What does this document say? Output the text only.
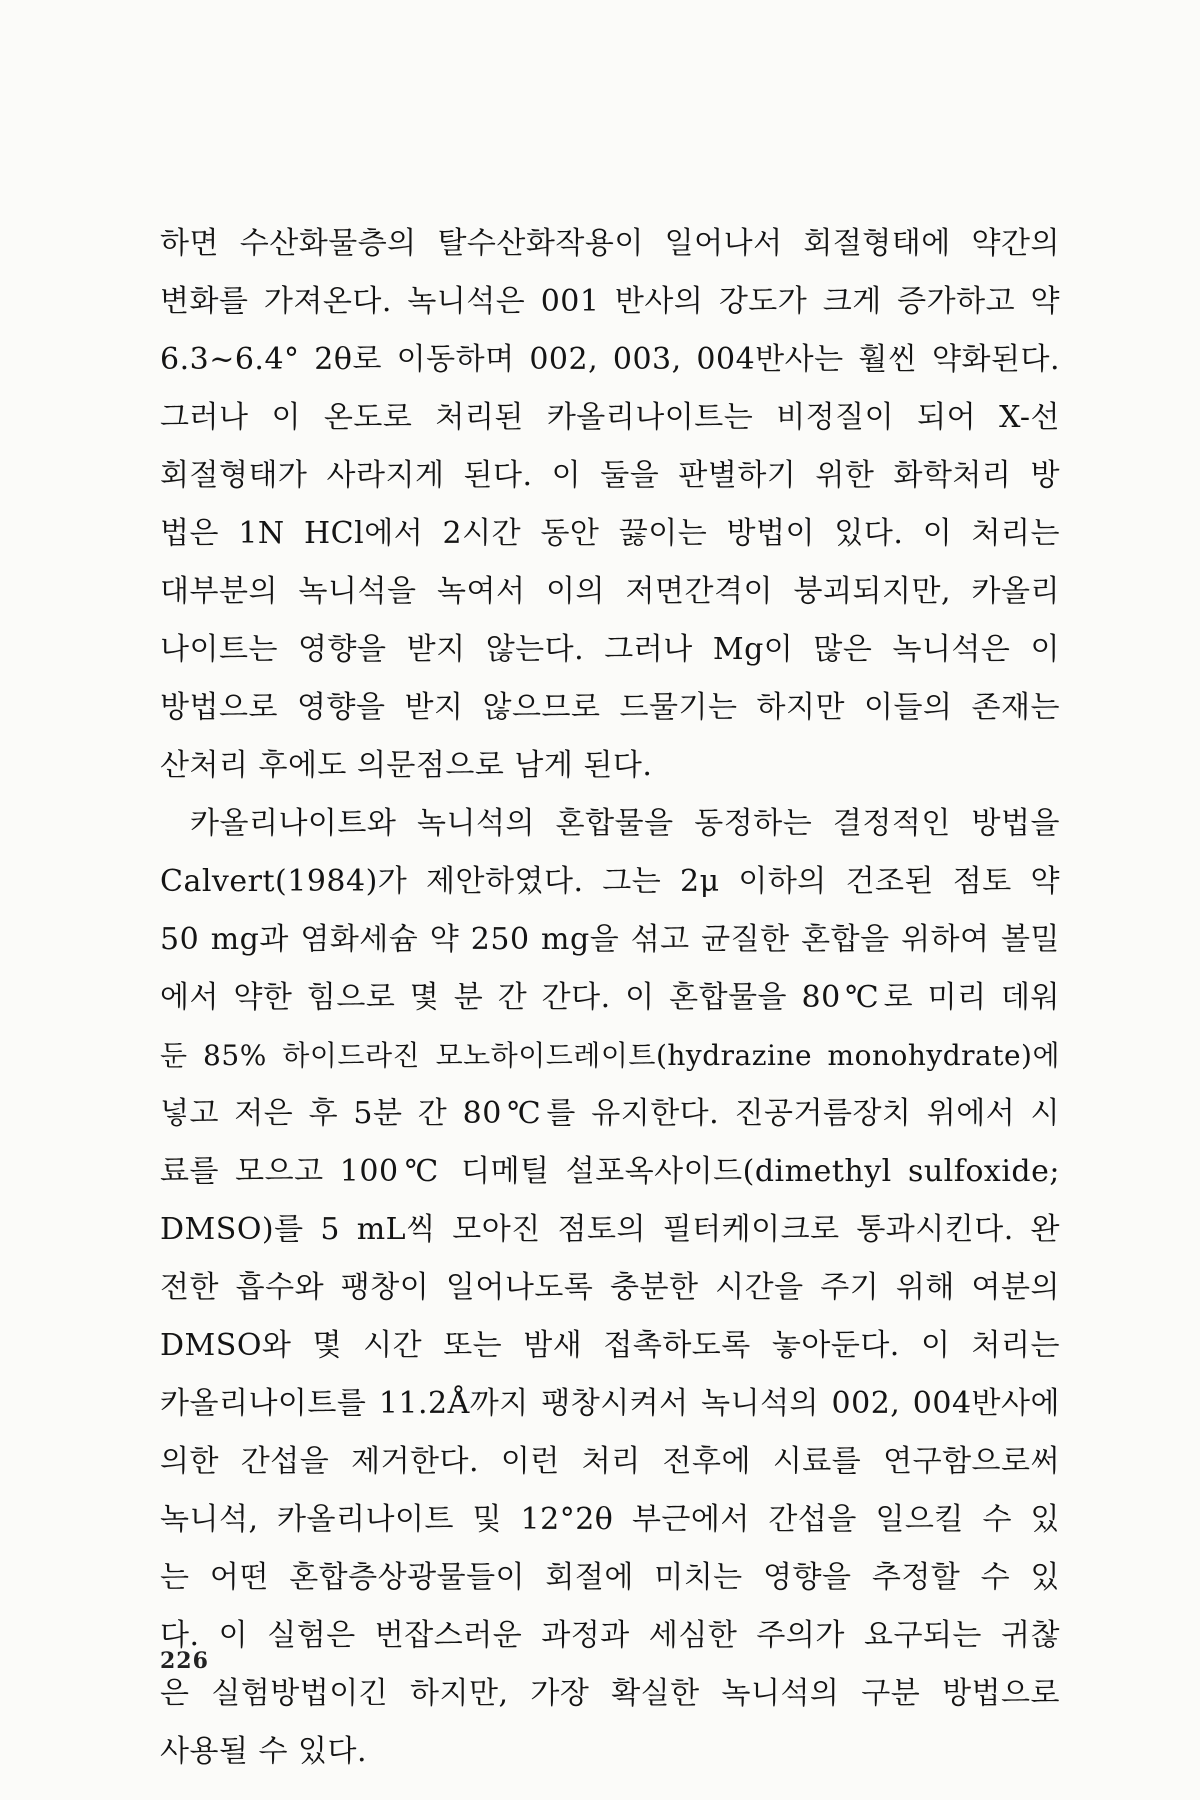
하면 수산화물층의 탈수산화작용이 일어나서 회절형태에 약간의
변화를 가져온다. 녹니석은 001 반사의 강도가 크게 증가하고 약
6.3~6.4° 2θ로 이동하며 002, 003, 004반사는 훨씬 약화된다.
그러나 이 온도로 처리된 카올리나이트는 비정질이 되어 X-선
회절형태가 사라지게 된다. 이 둘을 판별하기 위한 화학처리 방
법은 1N HCl에서 2시간 동안 끓이는 방법이 있다. 이 처리는
대부분의 녹니석을 녹여서 이의 저면간격이 붕괴되지만, 카올리
나이트는 영향을 받지 않는다. 그러나 Mg이 많은 녹니석은 이
방법으로 영향을 받지 않으므로 드물기는 하지만 이들의 존재는
산처리 후에도 의문점으로 남게 된다.
카올리나이트와 녹니석의 혼합물을 동정하는 결정적인 방법을
Calvert(1984)가 제안하였다. 그는 2μ 이하의 건조된 점토 약
50 mg과 염화세슘 약 250 mg을 섞고 균질한 혼합을 위하여 볼밀
에서 약한 힘으로 몇 분 간 간다. 이 혼합물을 80℃로 미리 데워
둔 85% 하이드라진 모노하이드레이트(hydrazine monohydrate)에
넣고 저은 후 5분 간 80℃를 유지한다. 진공거름장치 위에서 시
료를 모으고 100℃ 디메틸 설포옥사이드(dimethyl sulfoxide;
DMSO)를 5 mL씩 모아진 점토의 필터케이크로 통과시킨다. 완
전한 흡수와 팽창이 일어나도록 충분한 시간을 주기 위해 여분의
DMSO와 몇 시간 또는 밤새 접촉하도록 놓아둔다. 이 처리는
카올리나이트를 11.2Å까지 팽창시켜서 녹니석의 002, 004반사에
의한 간섭을 제거한다. 이런 처리 전후에 시료를 연구함으로써
녹니석, 카올리나이트 및 12°2θ 부근에서 간섭을 일으킬 수 있
는 어떤 혼합층상광물들이 회절에 미치는 영향을 추정할 수 있
다. 이 실험은 번잡스러운 과정과 세심한 주의가 요구되는 귀찮
은 실험방법이긴 하지만, 가장 확실한 녹니석의 구분 방법으로
사용될 수 있다.
226
